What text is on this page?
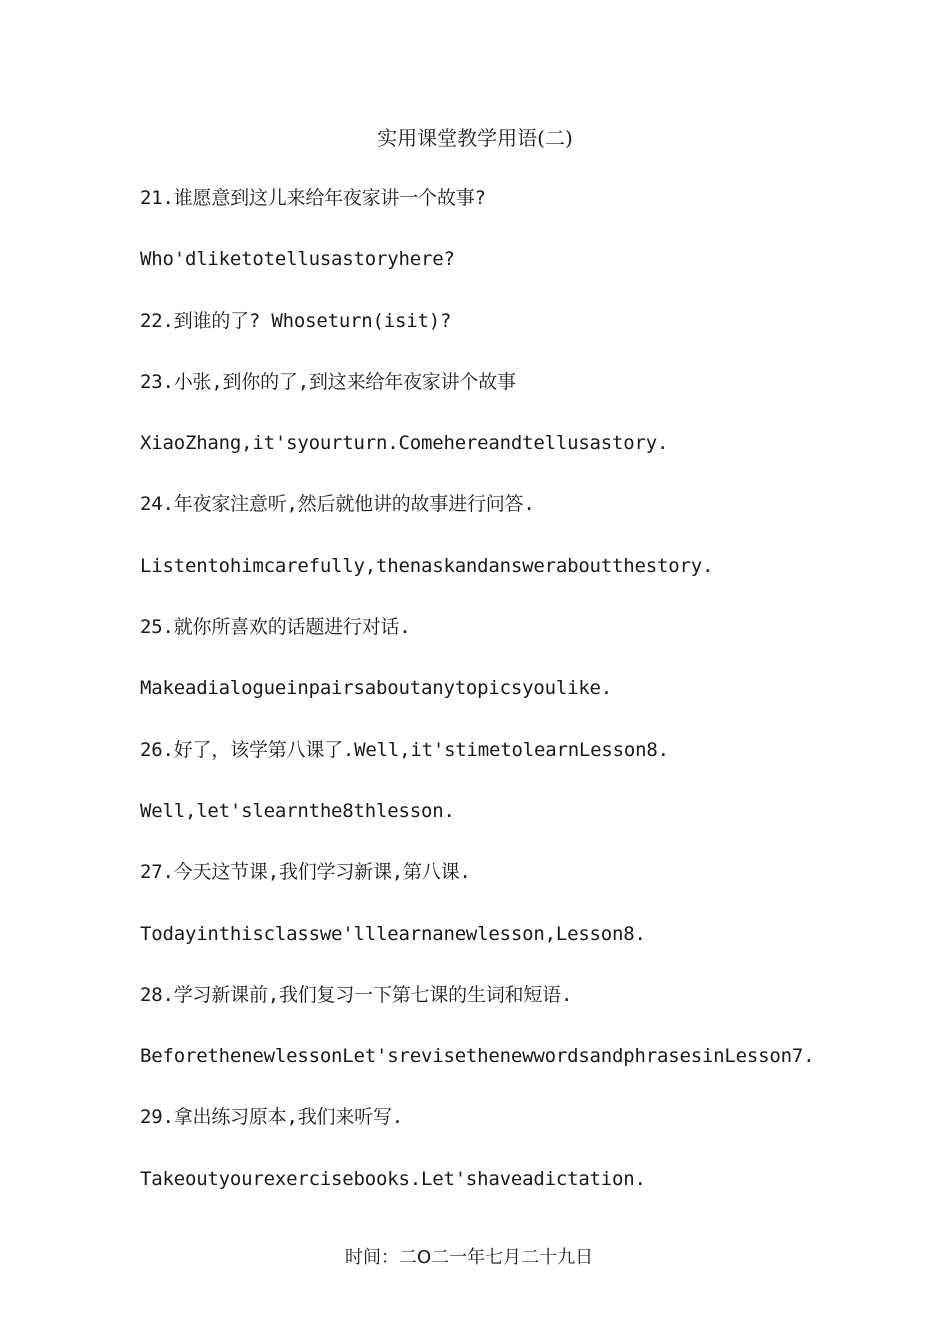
实用课堂教学用语(二)
21.谁愿意到这儿来给年夜家讲一个故事?
Who'dliketotellusastoryhere?
22.到谁的了? Whoseturn(isit)?
23.小张,到你的了,到这来给年夜家讲个故事
XiaoZhang,it'syourturn.Comehereandtellusastory.
24.年夜家注意听,然后就他讲的故事进行问答.
Listentohimcarefully,thenaskandansweraboutthestory.
25.就你所喜欢的话题进行对话.
Makeadialogueinpairsaboutanytopicsyoulike.
26.好了，该学第八课了.Well,it'stimetolearnLesson8.
Well,let'slearnthe8thlesson.
27.今天这节课,我们学习新课,第八课.
Todayinthisclasswe'lllearnanewlesson,Lesson8.
28.学习新课前,我们复习一下第七课的生词和短语.
BeforethenewlessonLet'srevisethenewwordsandphrasesinLesson7.
29.拿出练习原本,我们来听写.
Takeoutyourexercisebooks.Let'shaveadictation.
时间：二O二一年七月二十九日
